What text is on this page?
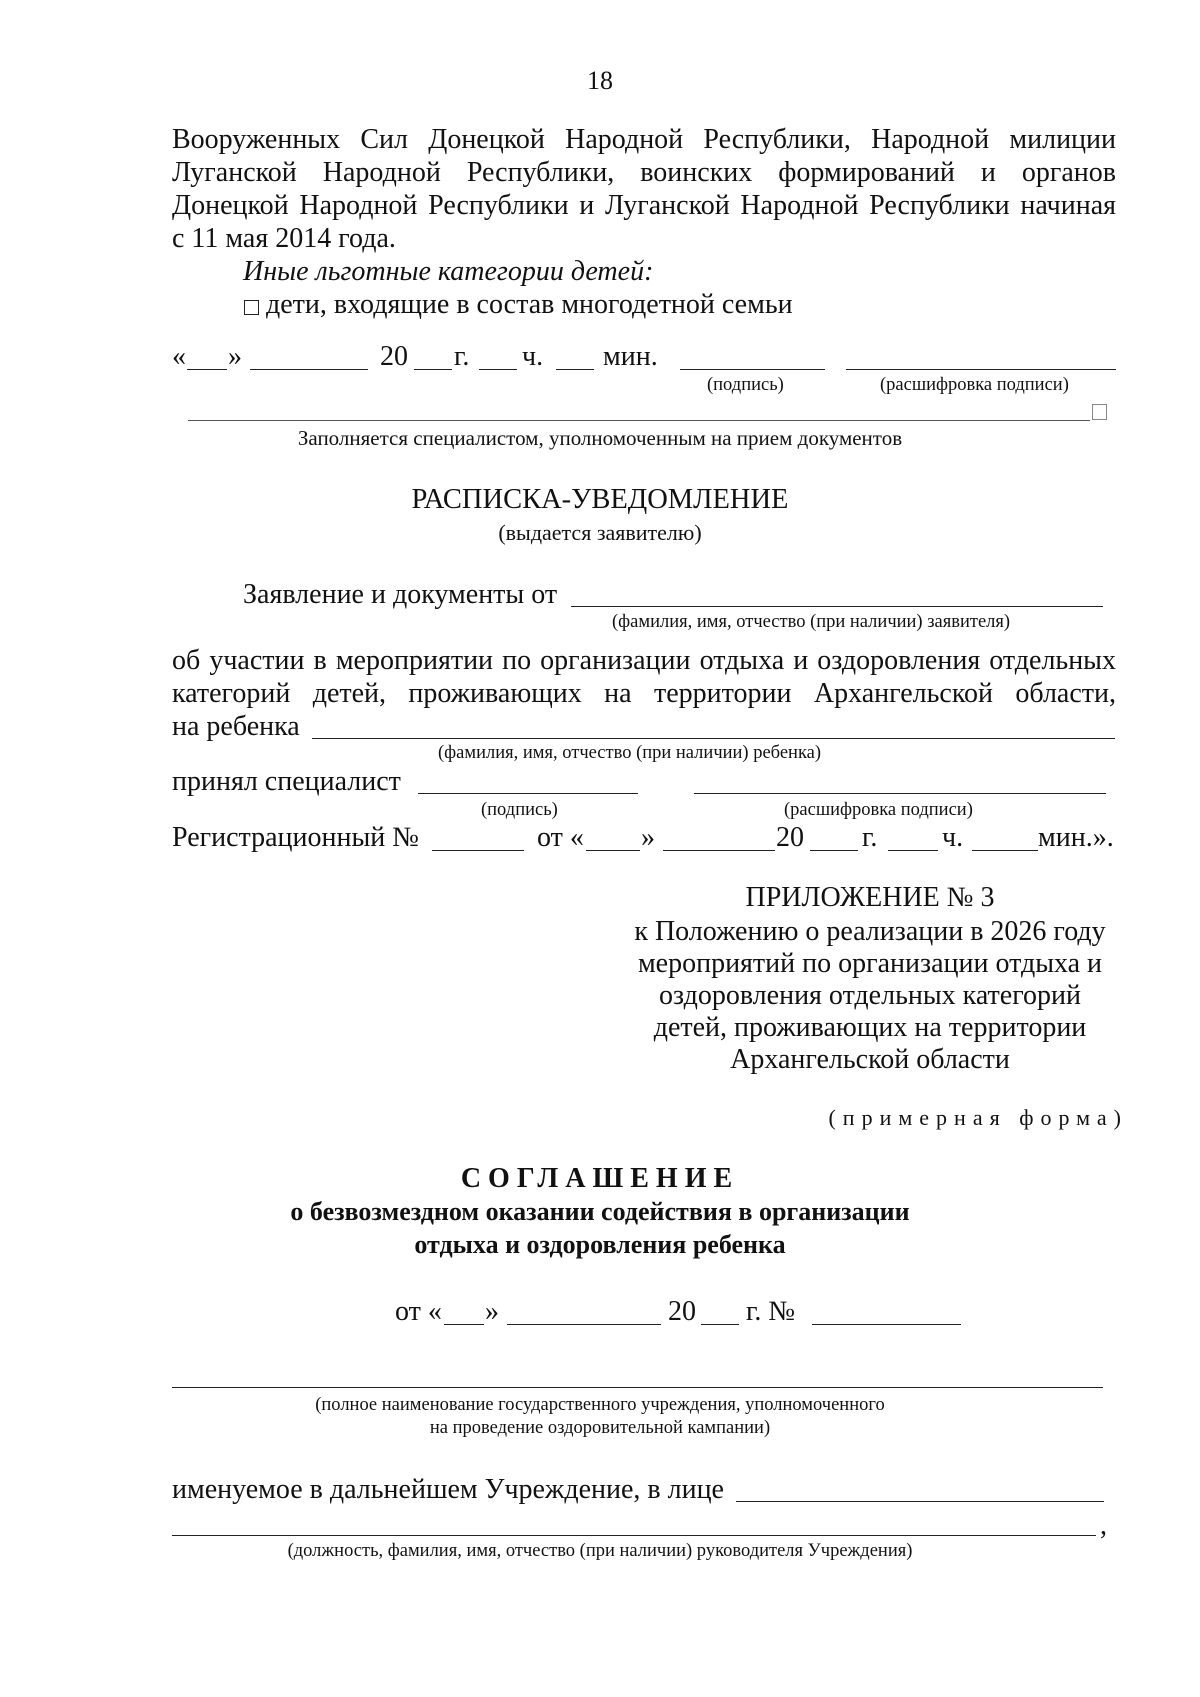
18
Вооруженных Сил Донецкой Народной Республики, Народной милиции
Луганской Народной Республики, воинских формирований и органов
Донецкой Народной Республики и Луганской Народной Республики начиная
с 11 мая 2014 года.
Иные льготные категории детей:
дети, входящие в состав многодетной семьи
« »	20 г. ч. мин.
(подпись)	(расшифровка подписи)
Заполняется специалистом, уполномоченным на прием документов
РАСПИСКА-УВЕДОМЛЕНИЕ
(выдается заявителю)
Заявление и документы от
(фамилия, имя, отчество (при наличии) заявителя)
об участии в мероприятии по организации отдыха и оздоровления отдельных
категорий детей, проживающих на территории Архангельской области,
на ребенка
(фамилия, имя, отчество (при наличии) ребенка)
принял специалист
(подпись)	(расшифровка подписи)
Регистрационный №	от « »	20 г. ч.	мин.».
ПРИЛОЖЕНИЕ № 3
к Положению о реализации в 2026 году
мероприятий по организации отдыха и
оздоровления отдельных категорий
детей, проживающих на территории
Архангельской области
(примерная форма)
СОГЛАШЕНИЕ
о безвозмездном оказании содействия в организации
отдыха и оздоровления ребенка
от « »	20 г. №
(полное наименование государственного учреждения, уполномоченного
на проведение оздоровительной кампании)
именуемое в дальнейшем Учреждение, в лице
,
(должность, фамилия, имя, отчество (при наличии) руководителя Учреждения)
